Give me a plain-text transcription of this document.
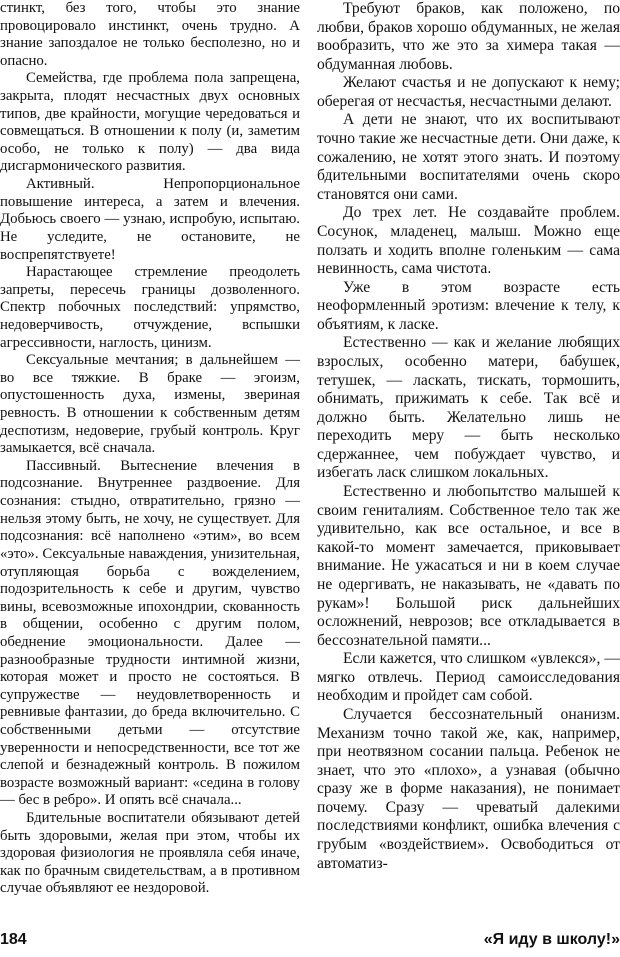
стинкт, без того, чтобы это знание провоцировало инстинкт, очень трудно. А знание запоздалое не только бесполезно, но и опасно.

Семейства, где проблема пола запрещена, закрыта, плодят несчастных двух основных типов, две крайности, могущие чередоваться и совмещаться. В отношении к полу (и, заметим особо, не только к полу) — два вида дисгармонического развития.

Активный. Непропорциональное повышение интереса, а затем и влечения. Добьюсь своего — узнаю, испробую, испытаю. Не уследите, не остановите, не воспрепятствуете!

Нарастающее стремление преодолеть запреты, пересечь границы дозволенного. Спектр побочных последствий: упрямство, недоверчивость, отчуждение, вспышки агрессивности, наглость, цинизм.

Сексуальные мечтания; в дальнейшем — во все тяжкие. В браке — эгоизм, опустошенность духа, измены, звериная ревность. В отношении к собственным детям деспотизм, недоверие, грубый контроль. Круг замыкается, всё сначала.

Пассивный. Вытеснение влечения в подсознание. Внутреннее раздвоение. Для сознания: стыдно, отвратительно, грязно — нельзя этому быть, не хочу, не существует. Для подсознания: всё наполнено «этим», во всем «это». Сексуальные наваждения, унизительная, отупляющая борьба с вожделением, подозрительность к себе и другим, чувство вины, всевозможные ипохондрии, скованность в общении, особенно с другим полом, обеднение эмоциональности. Далее — разнообразные трудности интимной жизни, которая может и просто не состояться. В супружестве — неудовлетворенность и ревнивые фантазии, до бреда включительно. С собственными детьми — отсутствие уверенности и непосредственности, все тот же слепой и безнадежный контроль. В пожилом возрасте возможный вариант: «седина в голову — бес в ребро». И опять всё сначала...

Бдительные воспитатели обязывают детей быть здоровыми, желая при этом, чтобы их здоровая физиология не проявляла себя иначе, как по брачным свидетельствам, а в противном случае объявляют ее нездоровой.

Требуют браков, как положено, по любви, браков хорошо обдуманных, не желая вообразить, что же это за химера такая — обдуманная любовь.

Желают счастья и не допускают к нему; оберегая от несчастья, несчастными делают.

А дети не знают, что их воспитывают точно такие же несчастные дети. Они даже, к сожалению, не хотят этого знать. И поэтому бдительными воспитателями очень скоро становятся они сами.

До трех лет. Не создавайте проблем. Сосунок, младенец, малыш. Можно еще ползать и ходить вполне голеньким — сама невинность, сама чистота.

Уже в этом возрасте есть неоформленный эротизм: влечение к телу, к объятиям, к ласке.

Естественно — как и желание любящих взрослых, особенно матери, бабушек, тетушек, — ласкать, тискать, тормошить, обнимать, прижимать к себе. Так всё и должно быть. Желательно лишь не переходить меру — быть несколько сдержаннее, чем побуждает чувство, и избегать ласк слишком локальных.

Естественно и любопытство малышей к своим гениталиям. Собственное тело так же удивительно, как все остальное, и все в какой-то момент замечается, приковывает внимание. Не ужасаться и ни в коем случае не одергивать, не наказывать, не «давать по рукам»! Большой риск дальнейших осложнений, неврозов; все откладывается в бессознательной памяти...

Если кажется, что слишком «увлекся», — мягко отвлечь. Период самоисследования необходим и пройдет сам собой.

Случается бессознательный онанизм. Механизм точно такой же, как, например, при неотвязном сосании пальца. Ребенок не знает, что это «плохо», а узнавая (обычно сразу же в форме наказания), не понимает почему. Сразу — чреватый далекими последствиями конфликт, ошибка влечения с грубым «воздействием». Освободиться от автоматиз-

184	«Я иду в школу!»
